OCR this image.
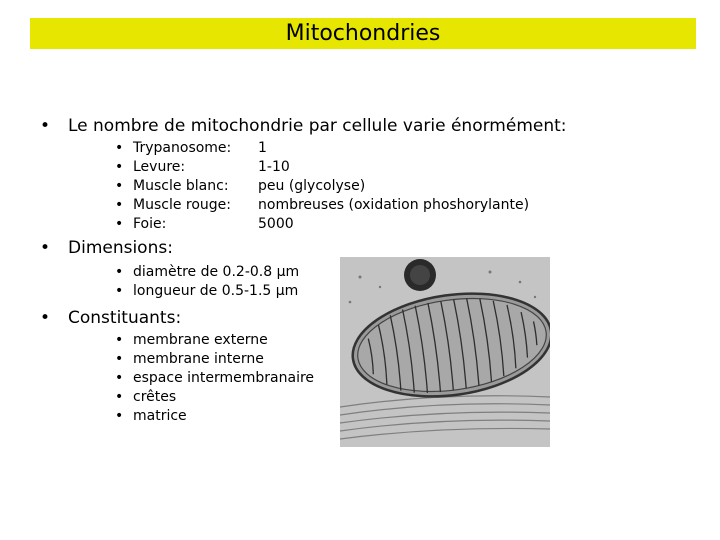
Mitochondries
• Le nombre de mitochondrie par cellule varie énormément:
• Trypanosome:	1
• Levure:	1-10
• Muscle blanc:	peu (glycolyse)
• Muscle rouge:	nombreuses (oxidation phoshorylante)
• Foie:	5000
• Dimensions:
• diamètre de 0.2-0.8 μm
• longueur de 0.5-1.5 μm
• Constituants:
• membrane externe
• membrane interne
• espace intermembranaire
• crêtes
• matrice
